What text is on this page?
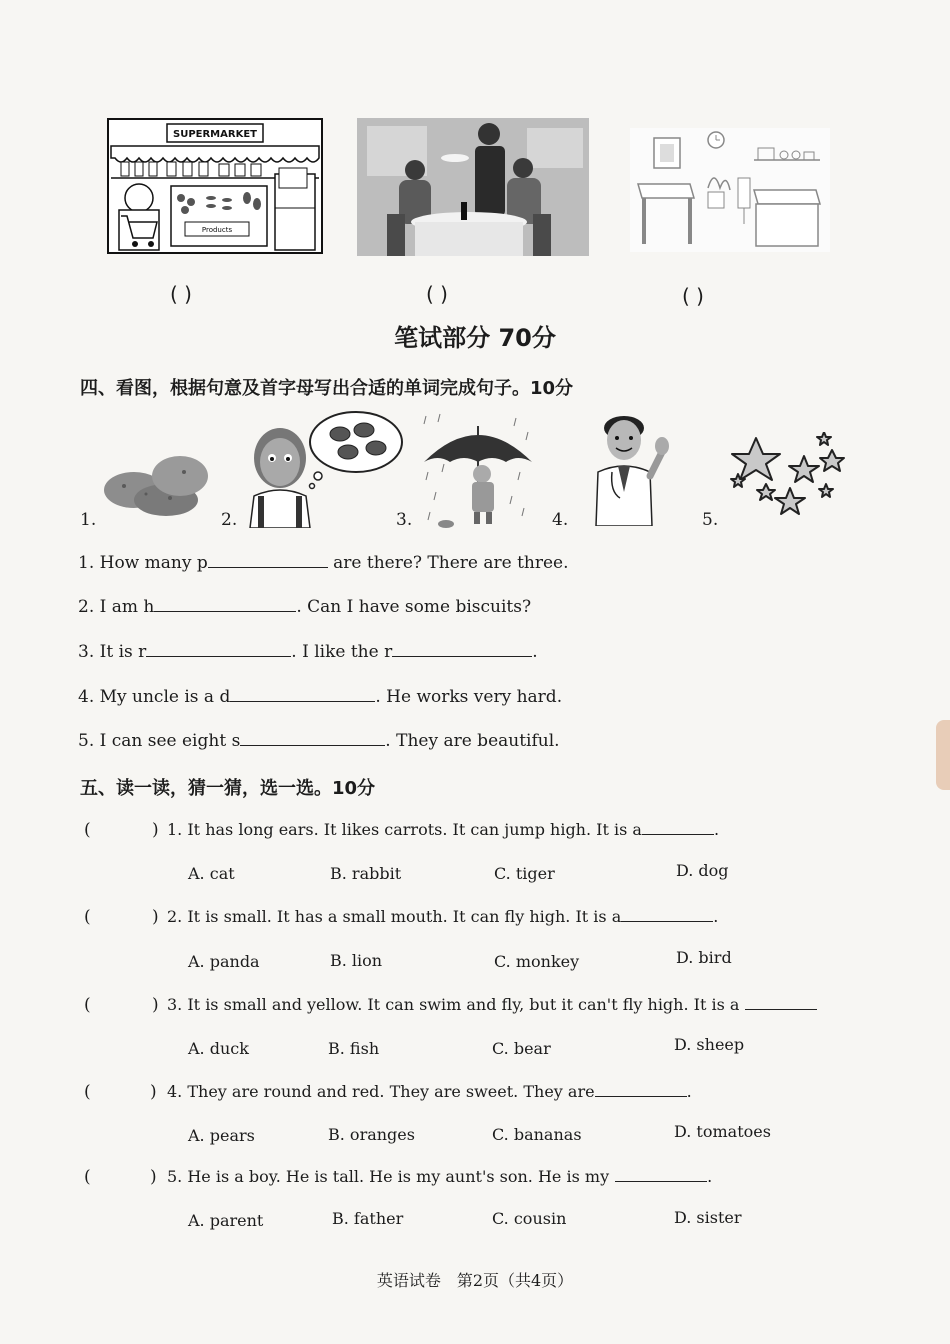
SUPERMARKET
Products
( )	( )	( )
笔试部分 70分
四、看图，根据句意及首字母写出合适的单词完成句子。10分
1.	2.	3.	4.	5.
1. How many p	are there? There are three.
2. I am h	. Can I have some biscuits?
3. It is r	. I like the r	.
4. My uncle is a d	. He works very hard.
5. I can see eight s	. They are beautiful.
五、读一读，猜一猜，选一选。10分
(	) 1. It has long ears. It likes carrots. It can jump high. It is a	.
A. cat	B. rabbit	C. tiger	D. dog
(	) 2. It is small. It has a small mouth. It can fly high. It is a	.
A. panda	B. lion	C. monkey	D. bird
(	) 3. It is small and yellow. It can swim and fly, but it can't fly high. It is a
A. duck	B. fish	C. bear	D. sheep
(	) 4. They are round and red. They are sweet. They are	.
A. pears	B. oranges	C. bananas	D. tomatoes
(	) 5. He is a boy. He is tall. He is my aunt's son. He is my	.
A. parent	B. father	C. cousin	D. sister
英语试卷　第2页（共4页）
